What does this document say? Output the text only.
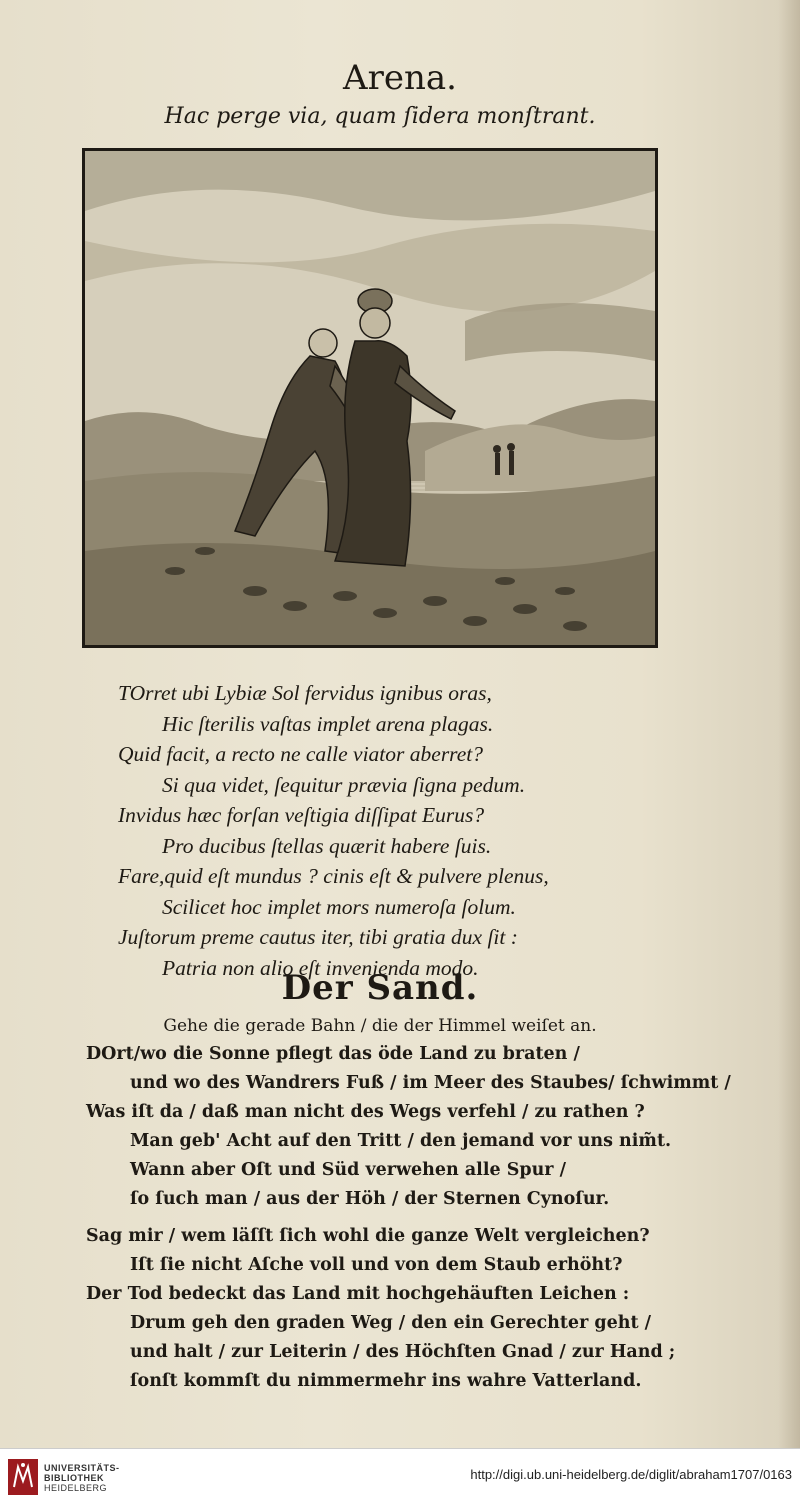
Arena.
Hac perge via, quam ſidera monſtrant.
TOrret ubi Lybiæ Sol fervidus ignibus oras,
Hic ſterilis vaſtas implet arena plagas.
Quid facit, a recto ne calle viator aberret?
Si qua videt, ſequitur prævia ſigna pedum.
Invidus hæc forſan veſtigia diſſipat Eurus?
Pro ducibus ſtellas quærit habere ſuis.
Fare,quid eſt mundus ? cinis eſt & pulvere plenus,
Scilicet hoc implet mors numeroſa ſolum.
Juſtorum preme cautus iter, tibi gratia dux ſit :
Patria non alio eſt invenienda modo.
Der Sand.
Gehe die gerade Bahn / die der Himmel weiſet an.
DOrt/wo die Sonne pflegt das öde Land zu braten /
und wo des Wandrers Fuß / im Meer des Staubes/ ſchwimmt /
Was iſt da / daß man nicht des Wegs verfehl / zu rathen ?
Man geb' Acht auf den Tritt / den jemand vor uns nim̃t.
Wann aber Oſt und Süd verwehen alle Spur /
ſo ſuch man / aus der Höh / der Sternen Cynoſur.
Sag mir / wem läſſt ſich wohl die ganze Welt vergleichen?
Iſt ſie nicht Aſche voll und von dem Staub erhöht?
Der Tod bedeckt das Land mit hochgehäuften Leichen :
Drum geh den graden Weg / den ein Gerechter geht /
und halt / zur Leiterin / des Höchſten Gnad / zur Hand ;
ſonſt kommſt du nimmermehr ins wahre Vatterland.
UNIVERSITÄTS-
BIBLIOTHEK
HEIDELBERG
http://digi.ub.uni-heidelberg.de/diglit/abraham1707/0163
